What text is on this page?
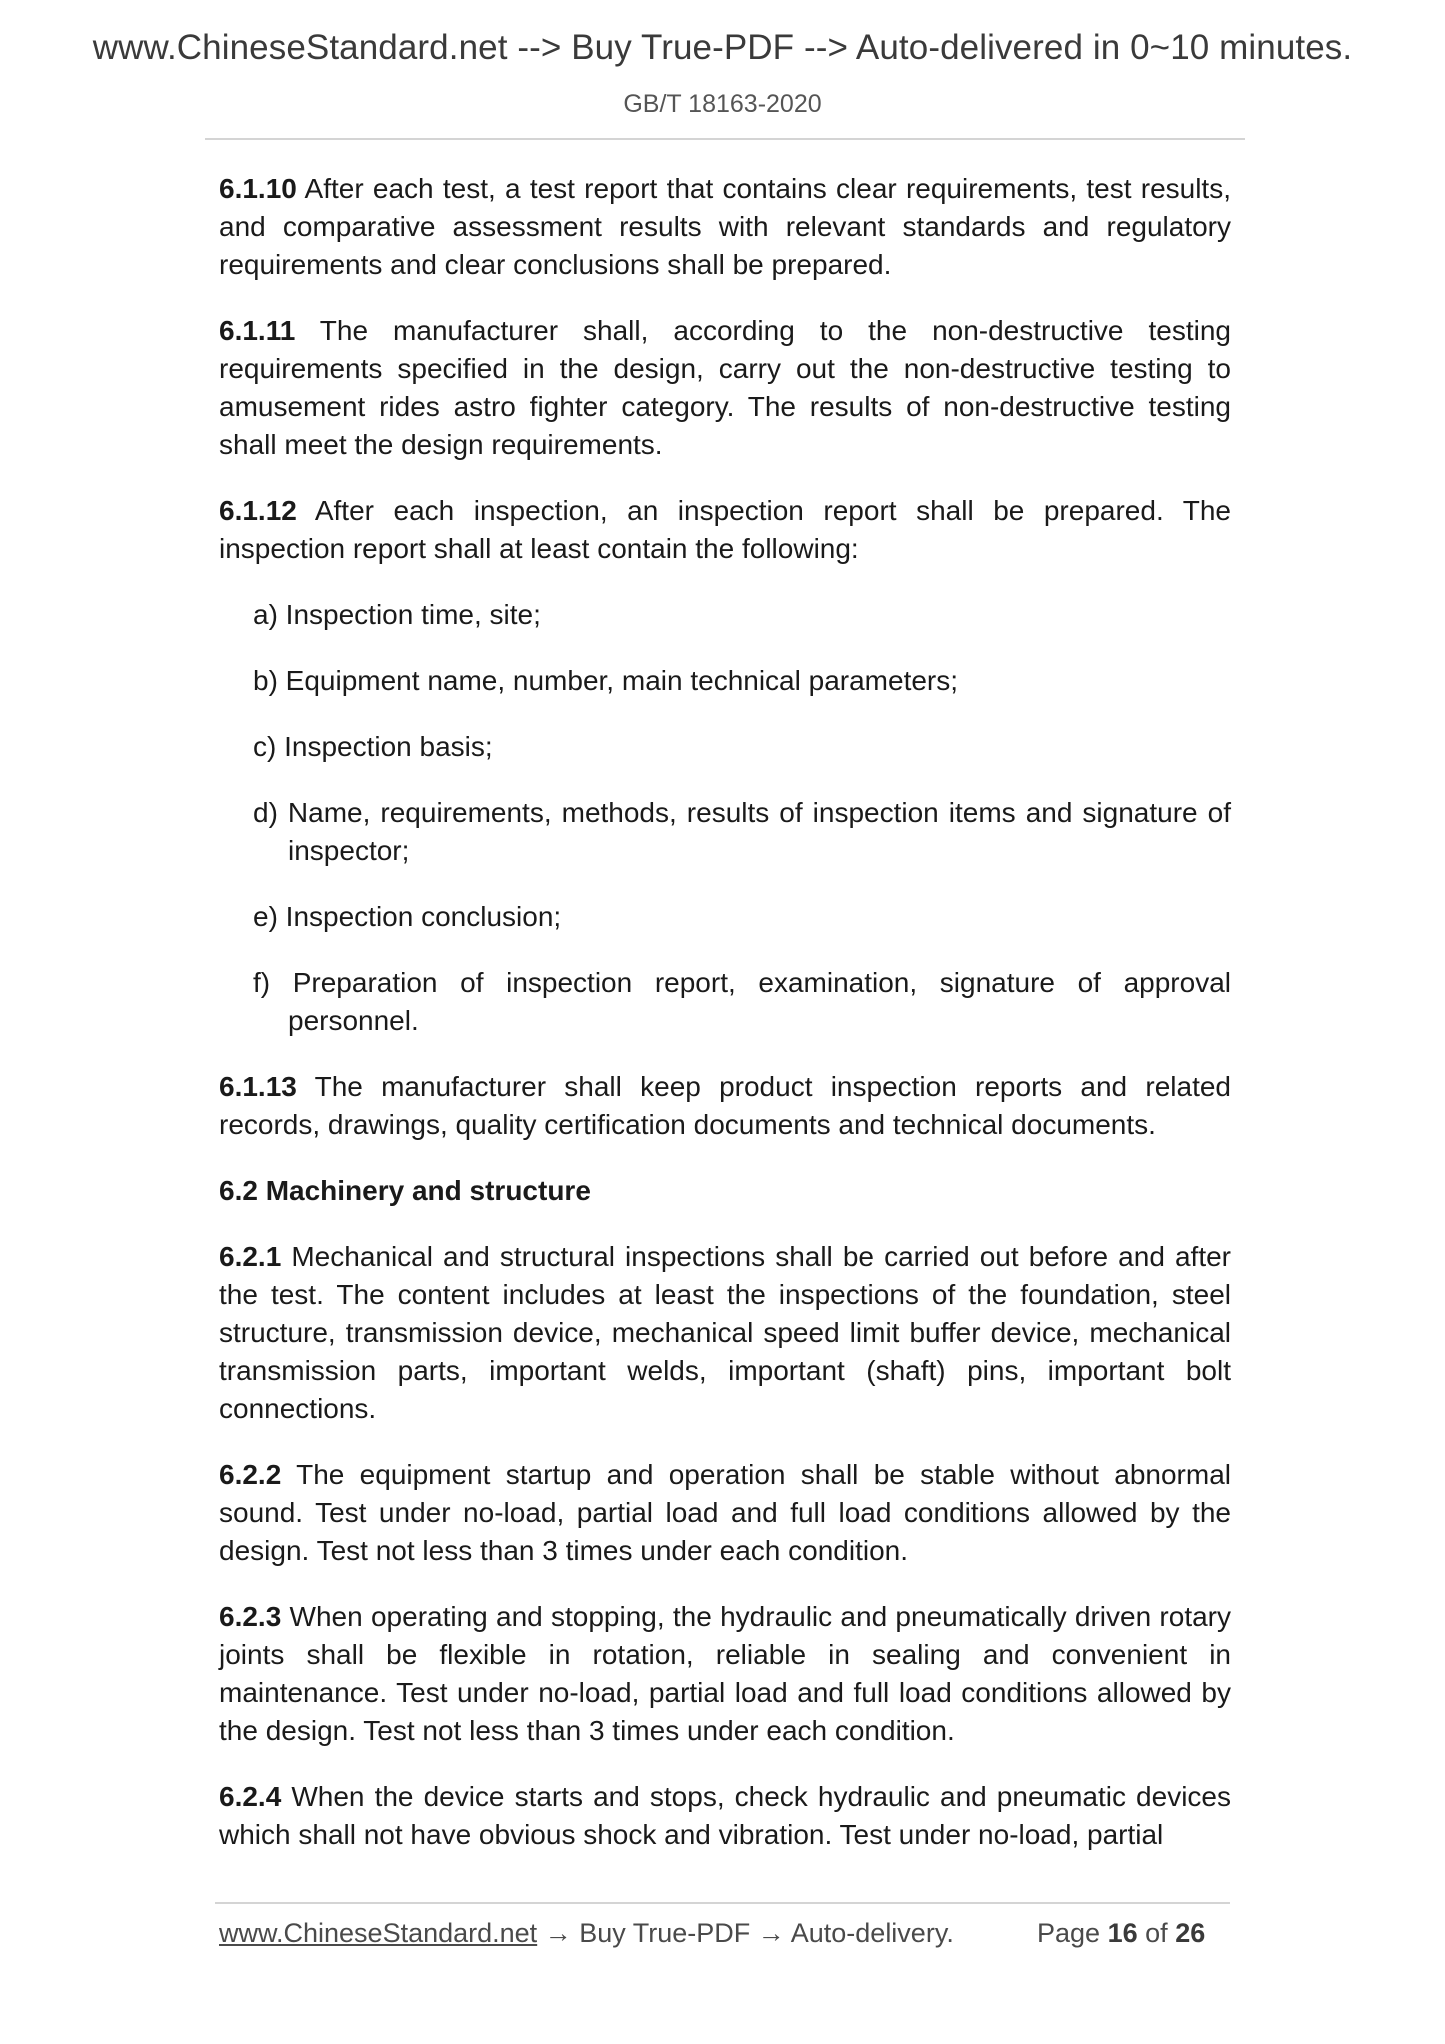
www.ChineseStandard.net --> Buy True-PDF --> Auto-delivered in 0~10 minutes.
GB/T 18163-2020

6.1.10 After each test, a test report that contains clear requirements, test results, and comparative assessment results with relevant standards and regulatory requirements and clear conclusions shall be prepared.

6.1.11 The manufacturer shall, according to the non-destructive testing requirements specified in the design, carry out the non-destructive testing to amusement rides astro fighter category. The results of non-destructive testing shall meet the design requirements.

6.1.12 After each inspection, an inspection report shall be prepared. The inspection report shall at least contain the following:

a) Inspection time, site;

b) Equipment name, number, main technical parameters;

c) Inspection basis;

d) Name, requirements, methods, results of inspection items and signature of inspector;

e) Inspection conclusion;

f) Preparation of inspection report, examination, signature of approval personnel.

6.1.13 The manufacturer shall keep product inspection reports and related records, drawings, quality certification documents and technical documents.

6.2 Machinery and structure

6.2.1 Mechanical and structural inspections shall be carried out before and after the test. The content includes at least the inspections of the foundation, steel structure, transmission device, mechanical speed limit buffer device, mechanical transmission parts, important welds, important (shaft) pins, important bolt connections.

6.2.2 The equipment startup and operation shall be stable without abnormal sound. Test under no-load, partial load and full load conditions allowed by the design. Test not less than 3 times under each condition.

6.2.3 When operating and stopping, the hydraulic and pneumatically driven rotary joints shall be flexible in rotation, reliable in sealing and convenient in maintenance. Test under no-load, partial load and full load conditions allowed by the design. Test not less than 3 times under each condition.

6.2.4 When the device starts and stops, check hydraulic and pneumatic devices which shall not have obvious shock and vibration. Test under no-load, partial

www.ChineseStandard.net → Buy True-PDF → Auto-delivery.	Page 16 of 26
